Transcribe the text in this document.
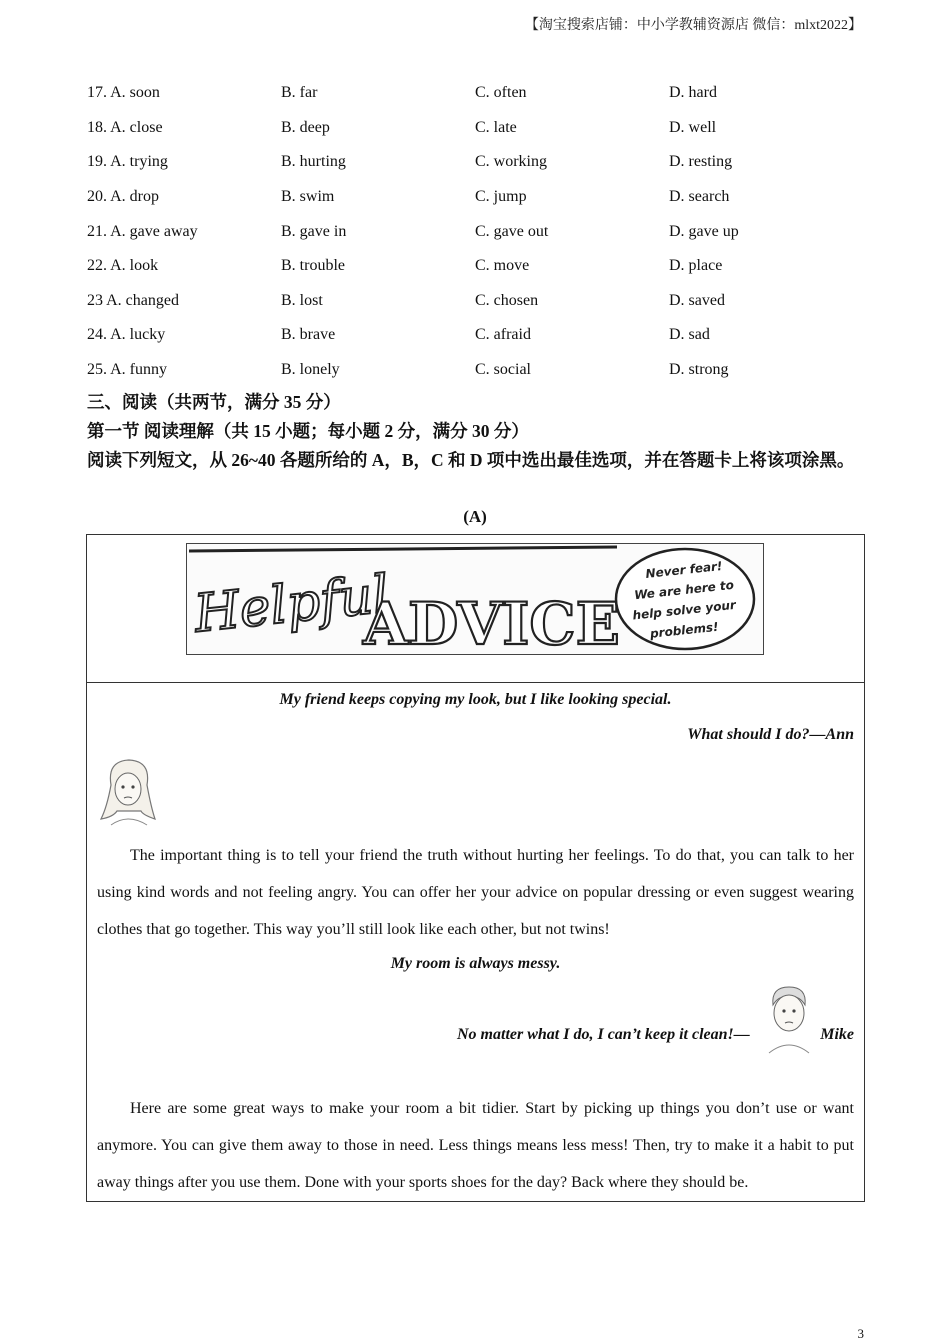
【淘宝搜索店铺：中小学教辅资源店 微信：mlxt2022】
17. A. soon	B. far	C. often	D. hard
18. A. close	B. deep	C. late	D. well
19. A. trying	B. hurting	C. working	D. resting
20. A. drop	B. swim	C. jump	D. search
21. A. gave away	B. gave in	C. gave out	D. gave up
22. A. look	B. trouble	C. move	D. place
23 A. changed	B. lost	C. chosen	D. saved
24. A. lucky	B. brave	C. afraid	D. sad
25. A. funny	B. lonely	C. social	D. strong
三、阅读（共两节，满分 35 分）
第一节 阅读理解（共 15 小题；每小题 2 分，满分 30 分）
阅读下列短文，从 26~40 各题所给的 A，B，C 和 D 项中选出最佳选项，并在答题卡上将该项涂黑。
(A)
Helpful
ADVICE
Never fear!
We are here to
help solve your
problems!
My friend keeps copying my look, but I like looking special.
What should I do?—Ann
The important thing is to tell your friend the truth without hurting her feelings. To do that, you can talk to her using kind words and not feeling angry. You can offer her your advice on popular dressing or even suggest wearing clothes that go together. This way you’ll still look like each other, but not twins!
My room is always messy.
No matter what I do, I can’t keep it clean!—	Mike
Here are some great ways to make your room a bit tidier. Start by picking up things you don’t use or want anymore. You can give them away to those in need. Less things means less mess! Then, try to make it a habit to put away things after you use them. Done with your sports shoes for the day? Back where they should be.
3
